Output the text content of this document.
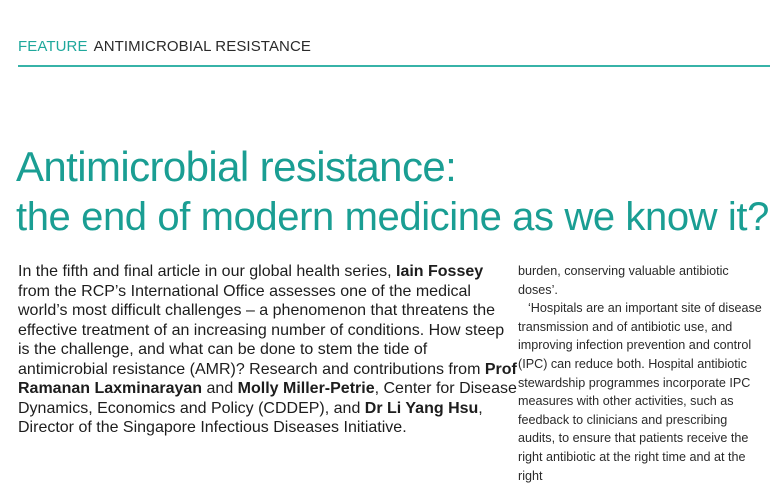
FEATURE ANTIMICROBIAL RESISTANCE
Antimicrobial resistance:
the end of modern medicine as we know it?

In the fifth and final article in our global health series, Iain Fossey from the RCP’s International Office assesses one of the medical world’s most difficult challenges – a phenomenon that threatens the effective treatment of an increasing number of conditions. How steep is the challenge, and what can be done to stem the tide of antimicrobial resistance (AMR)? Research and contributions from Prof Ramanan Laxminarayan and Molly Miller-Petrie, Center for Disease Dynamics, Economics and Policy (CDDEP), and Dr Li Yang Hsu, Director of the Singapore Infectious Diseases Initiative.

burden, conserving valuable antibiotic doses’.

‘Hospitals are an important site of disease transmission and of antibiotic use, and improving infection prevention and control (IPC) can reduce both. Hospital antibiotic stewardship programmes incorporate IPC measures with other activities, such as feedback to clinicians and prescribing audits, to ensure that patients receive the right antibiotic at the right time and at the right
